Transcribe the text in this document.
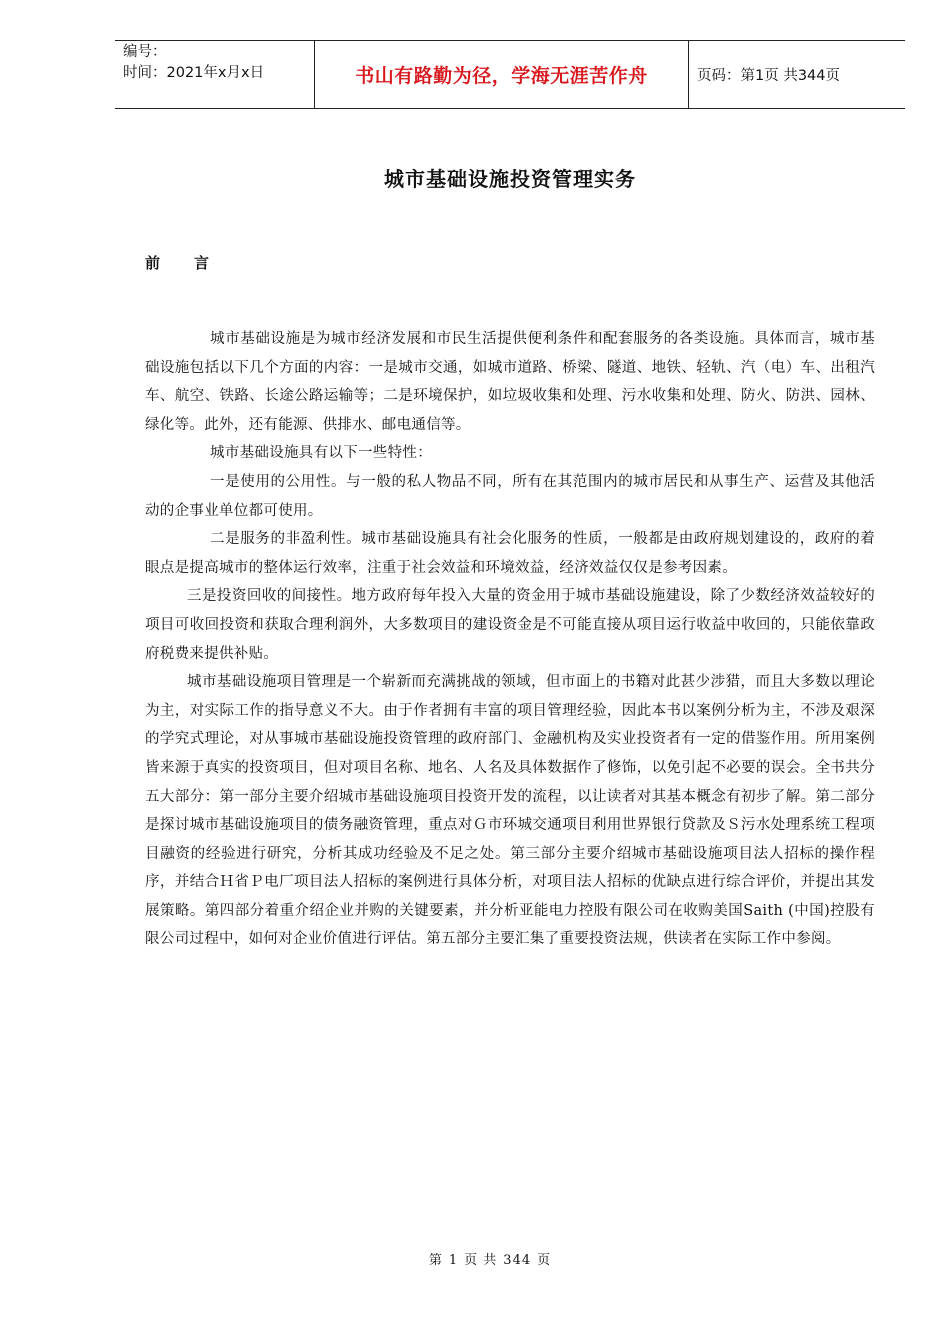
编号：
时间：2021年x月x日	书山有路勤为径，学海无涯苦作舟	页码：第1页 共344页
城市基础设施投资管理实务
前言

城市基础设施是为城市经济发展和市民生活提供便利条件和配套服务的各类设施。具体而言，城市基础设施包括以下几个方面的内容：一是城市交通，如城市道路、桥梁、隧道、地铁、轻轨、汽（电）车、出租汽车、航空、铁路、长途公路运输等；二是环境保护，如垃圾收集和处理、污水收集和处理、防火、防洪、园林、绿化等。此外，还有能源、供排水、邮电通信等。

城市基础设施具有以下一些特性：

一是使用的公用性。与一般的私人物品不同，所有在其范围内的城市居民和从事生产、运营及其他活动的企事业单位都可使用。

二是服务的非盈利性。城市基础设施具有社会化服务的性质，一般都是由政府规划建设的，政府的着眼点是提高城市的整体运行效率，注重于社会效益和环境效益，经济效益仅仅是参考因素。

三是投资回收的间接性。地方政府每年投入大量的资金用于城市基础设施建设，除了少数经济效益较好的项目可收回投资和获取合理利润外，大多数项目的建设资金是不可能直接从项目运行收益中收回的，只能依靠政府税费来提供补贴。

城市基础设施项目管理是一个崭新而充满挑战的领域，但市面上的书籍对此甚少涉猎，而且大多数以理论为主，对实际工作的指导意义不大。由于作者拥有丰富的项目管理经验，因此本书以案例分析为主，不涉及艰深的学究式理论，对从事城市基础设施投资管理的政府部门、金融机构及实业投资者有一定的借鉴作用。所用案例皆来源于真实的投资项目，但对项目名称、地名、人名及具体数据作了修饰，以免引起不必要的误会。全书共分五大部分：第一部分主要介绍城市基础设施项目投资开发的流程，以让读者对其基本概念有初步了解。第二部分是探讨城市基础设施项目的债务融资管理，重点对Ｇ市环城交通项目利用世界银行贷款及Ｓ污水处理系统工程项目融资的经验进行研究，分析其成功经验及不足之处。第三部分主要介绍城市基础设施项目法人招标的操作程序，并结合Ｈ省Ｐ电厂项目法人招标的案例进行具体分析，对项目法人招标的优缺点进行综合评价，并提出其发展策略。第四部分着重介绍企业并购的关键要素，并分析亚能电力控股有限公司在收购美国Saith (中国)控股有限公司过程中，如何对企业价值进行评估。第五部分主要汇集了重要投资法规，供读者在实际工作中参阅。

第 1 页 共 344 页
